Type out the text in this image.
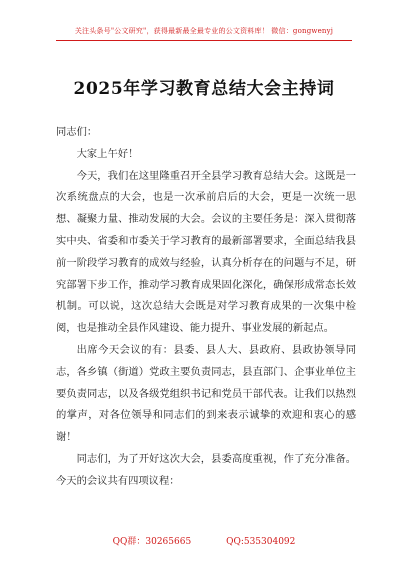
关注头条号"公文研究"，获得最新最全最专业的公文资料库！ 微信：gongwenyj
2025年学习教育总结大会主持词

同志们：

大家上午好！

今天，我们在这里隆重召开全县学习教育总结大会。这既是一次系统盘点的大会，也是一次承前启后的大会，更是一次统一思想、凝聚力量、推动发展的大会。会议的主要任务是：深入贯彻落实中央、省委和市委关于学习教育的最新部署要求，全面总结我县前一阶段学习教育的成效与经验，认真分析存在的问题与不足，研究部署下步工作，推动学习教育成果固化深化，确保形成常态长效机制。可以说，这次总结大会既是对学习教育成果的一次集中检阅，也是推动全县作风建设、能力提升、事业发展的新起点。

出席今天会议的有：县委、县人大、县政府、县政协领导同志，各乡镇（街道）党政主要负责同志，县直部门、企事业单位主要负责同志，以及各级党组织书记和党员干部代表。让我们以热烈的掌声，对各位领导和同志们的到来表示诚挚的欢迎和衷心的感谢！

同志们，为了开好这次大会，县委高度重视，作了充分准备。今天的会议共有四项议程：

QQ群：30265665	QQ:535304092
